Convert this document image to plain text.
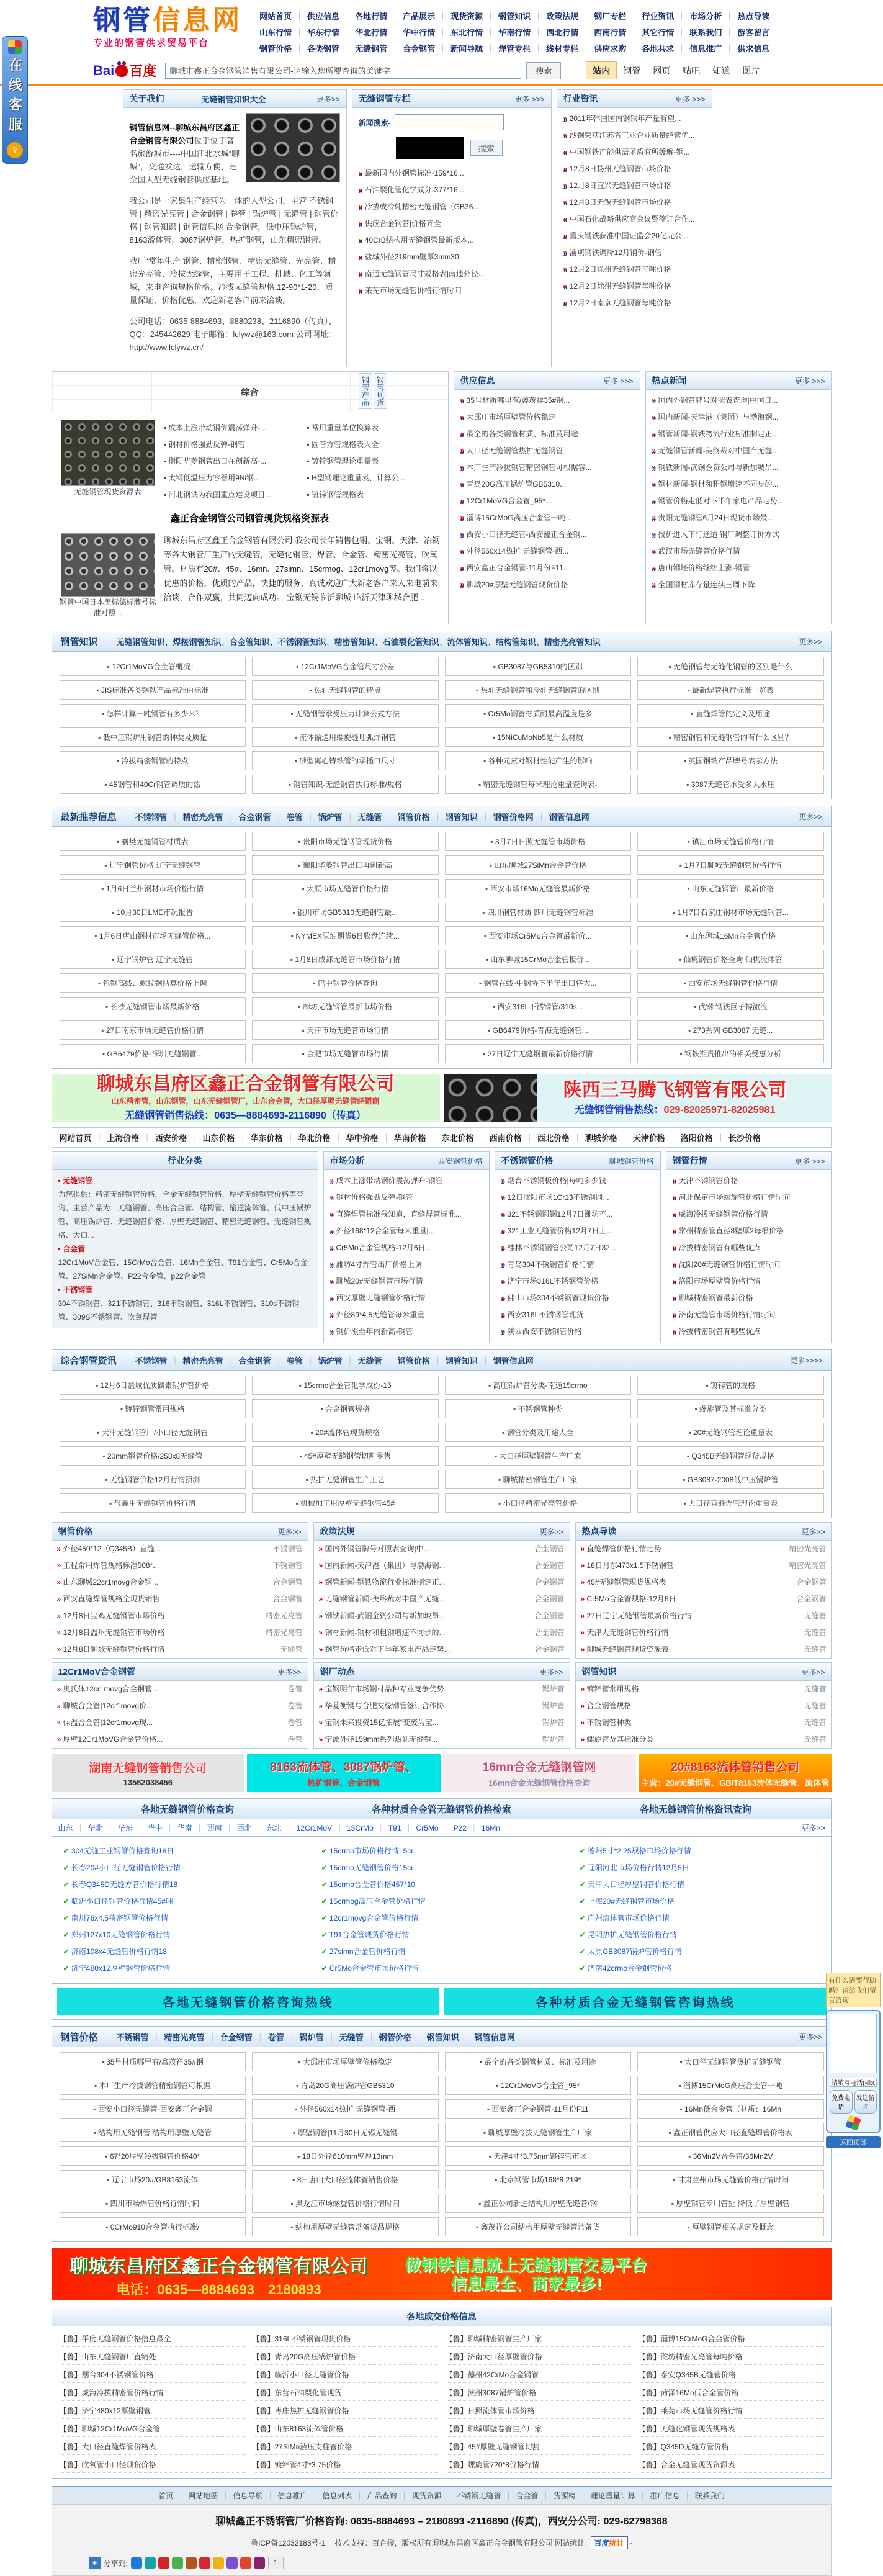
在线客服
?
钢管信息网
专业的钢管供求贸易平台
网站首页 ｜ 供应信息 ｜ 各地行情 ｜ 产品展示 ｜ 现货资源 ｜ 钢管知识 ｜ 政策法规 ｜ 钢厂专栏 ｜ 行业资讯 ｜ 市场分析 ｜ 热点导读
山东行情 ｜ 华东行情 ｜ 华北行情 ｜ 华中行情 ｜ 东北行情 ｜ 华南行情 ｜ 西北行情 ｜ 西南行情 ｜ 其它行情 ｜ 联系我们 ｜ 游客留言
钢管价格 ｜ 各类钢管 ｜ 无缝钢管 ｜ 合金钢管 ｜ 新闻导航 ｜ 焊管专栏 ｜ 线材专栏 ｜ 供应求购 ｜ 各地共求 ｜ 信息推广 ｜ 供求信息
Bai 百度
聊城市鑫正合金钢管销售有限公司-请输入您所要查询的关键字	搜索	站内	钢管	网页	贴吧	知道	图片
关于我们	无缝钢管知识大全	更多>>

钢管信息网--聊城东昌府区鑫正合金钢管有限公司位于位于著名旅游城市----中国江北水城“聊城”，交通发达，运输方便，是全国大型无缝钢管供应基地。

我公司是一家集生产经营为一体的大型公司，主营 不锈钢管 | 精密光亮管 | 合金钢管 | 卷管 | 锅炉管 | 无缝管 | 钢管价格 | 钢管知识 | 钢管信息网 合金钢管，低中压锅炉管，8163流体管，3087锅炉管，热扩钢管，山东精密钢管。

我厂“常年生产 钢管、精密钢管、精密无缝管、光亮管、精密光亮管、冷拔无缝管，主要用于工程、机械、化工等领域，来电咨询规格价格。冷拔无缝管规格:12-90*1-20，质量保证，价格优惠，欢迎新老客户前来洽谈。

公司电话：0635-8884693、8880238、2116890（传真）、QQ：245442629 电子邮箱：lclywz@163.com 公司网址：http://www.lclywz.cn/

无缝钢管专栏	更多 >>>
新闻搜索-
搜索
» 最新国内外钢管标准-159*16...
» 石油裂化管化学成分-377*16...
» 冷拔或冷轧精密无缝钢管（GB36...
» 供应合金钢管|价格齐全
» 40CrB结构用无缝钢管最新版本...
» 盐城外径219mm壁厚3mm30...
» 南通无缝钢管尺寸规格表|南通外径...
» 莱芜市场无缝管价格行情时间
行业资讯	更多 >>>
» 2011年韩国国内钢铁年产量有望...
» 沙钢荣获江苏省工业企业质量经营优...
» 中国钢铁产能供需矛盾有所缓解-钢...
» 12月8日扬州无缝钢管市场价格
» 12月8日宜兴无缝钢管市场价格
» 12月8日无锡无缝钢管市场价格
» 中国石化战略供应商会议暨签订合作...
» 重庆钢铁获准中国证监会20亿元公...
» 浦项钢铁调降12月钢价-钢管
» 12月2日徐州无缝钢管每吨价格
» 12月2日徐州无缝钢管每吨价格
» 12月2日南京无缝钢管每吨价格
综合	钢管产品 钢管现货
无缝钢管现货资源表
▪ 成本上涨带动钢价震荡弹升-...
▪ 钢材价格强劲反弹-钢管
▪ 衡阳华菱钢管出口在创新高-...
▪ 太钢低温压力容器用9Ni钢...
▪ 河北钢铁为我国重点建设项目...
▪ 常用重量单位换算表
▪ 圆管方管规格表大全
▪ 镀锌钢管理论重量表
▪ H型钢理论重量表、计算公...
▪ 镀锌钢管规格表
鑫正合金钢管公司钢管现货规格资源表
钢管中国日本美标德标牌号标准对照...
聊城东昌府区鑫正合金钢管有限公司 我公司长年销售包钢、宝钢、天津、冶钢等各大钢管厂生产的无缝管，无缝化钢管、焊管、合金管、精密光亮管、吹氧管。材质有20#、45#、16mn、27simn、15crmog、12cr1movg等。我们将以优惠的价格，优质的产品，快捷的服务，真诚欢迎广大新老客户来人来电前来洽谈，合作双赢，共同迈向成功。 宝钢无锡临沂聊城 临沂天津聊城合肥 ...
供应信息	更多 >>>
» 35号材质哪里有/鑫茂祥35#钢...
» 大邱庄市场厚壁管价格稳定
» 最全的各类钢管材质、标准及用途
» 大口径无缝钢管热扩无缝钢管
» 本厂生产冷拔钢管精密钢管可根据客...
» 青岛20G高压锅炉管GB5310...
» 12Cr1MoVG合金管_95*...
» 淄博15CrMoG高压合金管一吨...
» 西安小口径无缝管-西安鑫正合金钢...
» 外径560x14热扩 无缝钢管-西...
» 西安鑫正合金钢管-11月份F11...
» 聊城20#厚壁无缝钢管现货价格
热点新闻	更多 >>>
» 国内外钢管牌号对照表查询|中国日...
» 国内新闻-天津港（集团）与渤海钢...
» 钢管新闻-钢铁物流行业标准制定正...
» 无缝钢管新闻-美终裁对中国产无缝...
» 钢铁新闻-武钢金资公司与新加坡昂...
» 钢材新闻-钢材和粗钢增速不同步的...
» 钢管价格走低对下半年家电产品走势...
» 贵阳无缝钢管6月24日现货市场最...
» 报价进入下行通道 钢厂调整订价方式
» 武汉市场无缝管价格行情
» 唐山钢坯价格继续上涨-钢管
» 全国钢材库存量连续三周下降
钢管知识 无缝钢管知识	、 焊接钢管知识	、 合金管知识	、 不锈钢管知识	、 精密管知识	、 石油裂化管知识	、 流体管知识	、 结构管知识	、 精密光亮管知识	更多>>
▪ 12Cr1MoVG合金管概况：	▪ 12Cr1MoVG合金管尺寸公差	▪ GB3087与GB5310的区别	▪ 无缝钢管与无缝化钢管的区别是什么
▪ JIS标准各类钢铁产品标准由标准	▪ 热轧无缝钢管的特点	▪ 热轧无缝钢管和冷轧无缝钢管的区别	▪ 最新焊管执行标准一览表
▪ 怎样计算一吨钢管有多少米？	▪ 无缝钢管承受压力计算公式方法	▪ Cr5Mo钢管材质耐最高温度是多	▪ 直缝焊管的定义及用途
▪ 低中压锅炉用钢管的种类及质量	▪ 流体输送用螺旋缝埋弧焊钢管	▪ 15NiCuMoNb5是什么材质	▪ 精密钢管和无缝钢管的有什么区别？
▪ 冷拔精密钢管的特点	▪ 砂型离心铸铁管的承插口尺寸	▪ 各种元素对钢材性能产生的影响	▪ 英国钢铁产品牌号表示方法
▪ 45钢管和40Cr钢管调质的热	▪ 钢管知识-无缝钢管执行标准/规格	▪ 精密无缝钢管每米理论重量查询表-	▪ 3087无缝管承受多大水压
最新推荐信息 不锈钢管	｜ 精密光亮管	｜ 合金钢管	｜ 卷管	｜ 锅炉管	｜ 无缝管	｜ 钢管价格	｜ 钢管知识	｜ 钢管价格网	｜ 钢管信息网	更多>>
▪ 襄樊无缝钢管材质表	▪ 贵阳市场无缝钢管现货价格	▪ 3月7日日照无缝管市场价格	▪ 镇江市场无缝管价格行情
▪ 辽宁钢管价格 辽宁无缝钢管	▪ 衡阳华菱钢管出口再创新高	▪ 山东聊城27SiMn合金管价格	▪ 1月7日聊城无缝钢管价格行情
▪ 1月6日兰州钢材市场价格行情	▪ 太原市场无缝管价格行情	▪ 西安市场16Mn无缝管最新价格	▪ 山东无缝钢管厂最新价格
▪ 10月30日LME市况报告	▪ 银川市场GB5310无缝钢管最...	▪ 四川钢管材质 四川无缝钢管标准	▪ 1月7日石家庄钢材市场无缝钢管...
▪ 1月6日唐山钢材市场无缝管价格...	▪ NYMEX原油期货6日收盘连续...	▪ 西安市场Cr5Mo合金管最新价...	▪ 山东聊城16Mn合金管价格
▪ 辽宁锅炉管 辽宁无缝管	▪ 1月8日成都无缝管市场价格行情	▪ 山东聊城15CrMo合金管报价...	▪ 仙桃钢管价格查询 仙桃流体管
▪ 包钢高线、螺纹钢结算价格上调	▪ 巴中钢管价格查询	▪ 钢管在线-中钢协下半年出口将大...	▪ 西安市场无缝钢管价格行情
▪ 长沙无缝钢管市场最新价格	▪ 廊坊无缝钢管最新市场价格	▪ 西安316L不锈钢管/310s...	▪ 武钢:钢铁巨子搏激流
▪ 27日南京市场无缝管价格行情	▪ 天津市场无缝管市场行情	▪ GB6479价格-青海无缝钢管...	▪ 273系列 GB3087 无缝...
▪ GB6479价格-深圳无缝钢管...	▪ 合肥市场无缝管市场行情	▪ 27日辽宁无缝钢管最新价格行情	▪ 钢铁期货推出的相关受惠分析
聊城东昌府区鑫正合金钢管有限公司
山东精密管，山东钢管，山东无缝钢管厂，山东合金管，大口径厚壁无缝管经销商
无缝钢管销售热线：0635—8884693-2116890（传真）
陕西三马腾飞钢管有限公司
无缝钢管销售热线：029-82025971-82025981
网站首页 ｜ 上海价格 ｜ 西安价格 ｜ 山东价格 ｜ 华东价格 ｜ 华北价格 ｜ 华中价格 ｜ 华南价格 ｜ 东北价格 ｜ 西南价格 ｜ 西北价格 ｜ 聊城价格 ｜ 天津价格 ｜ 洛阳价格 ｜ 长沙价格
行业分类
▪ 无缝钢管
为您提供：精密无缝钢管价格，合金无缝钢管价格，厚壁无缝钢管价格等查询、主营产品为：无缝钢管、高压合金管、结构管、输送流体管、低中压锅炉管、高压锅炉管、无缝钢管价格、厚壁无缝钢管、精密无缝钢管、无缝钢管规格、大口...
▪ 合金管
12Cr1MoV合金管、15CrMo合金管、16Mn合金管、T91合金管、Cr5Mo合金管、27SiMn合金管、P22合金管、p22合金管
▪ 不锈钢管
304不锈钢管、321不锈钢管、316不锈钢管、316L不锈钢管、310s不锈钢管、309S不锈钢管、吹氧焊管
市场分析	西安钢管价格
» 成本上涨带动钢价震荡弹升-钢管
» 钢材价格强劲反弹-钢管
» 直缝焊管标准我知道，直缝焊管标准...
» 外径168*12合金管每米重量|...
» Cr5Mo合金管规格-12月6日...
» 潍坊4寸焊管出厂价格上调
» 聊城20#无缝钢管市场行情
» 西安厚壁无缝钢管价格行情
» 外径89*4.5无缝管每米重量
» 钢价涨至年内新高-钢管
不锈钢管价格	聊城钢管价格
» 烟台不锈钢板价格|每吨多少钱
» 12日沈阳市场1Cr13不锈钢圆...
» 321不锈钢圆钢12月7日潍坊不...
» 321工业无缝管价格12月7日上...
» 桂林不锈钢钢管公司12月7日32...
» 青岛304不锈钢管价格行情
» 济宁市场316L不锈钢管价格
» 佛山市场304不锈钢管现货价格
» 西安316L不锈钢管现货
» 陕西西安不锈钢管价格
钢管行情	更多 >>>
» 天津不锈钢管价格
» 河北保定市场螺旋管价格行情时间
» 威海冷拔无缝钢管价格行情
» 常州精密管直径8壁厚2每根价格
» 冷拔精密钢管有哪些优点
» 沈阳20#无缝钢管价格行情时间
» 洛阳市场厚壁管价格行情
» 聊城精密钢管最新价格
» 济南无缝管市场价格行情时间
» 冷拔精密钢管有哪些优点
综合钢管资讯 不锈钢管	｜ 精密光亮管	｜ 合金钢管	｜ 卷管	｜ 锅炉管	｜ 无缝管	｜ 钢管价格	｜ 钢管知识	｜ 钢管信息网	更多>>>>
▪ 12月6日盐城优质碳素锅炉管价格	▪ 15crmo合金管化学成份-15	▪ 高压锅炉管分类-南通15crmo	▪ 镀锌管的规格
▪ 镀锌钢管常用规格	▪ 合金钢管规格	▪ 不锈钢管种类	▪ 螺旋管及其标准分类
▪ 天津无缝钢管厂/小口径无缝钢管	▪ 20#流体管现货规格	▪ 钢管分类及用途大全	▪ 20#无缝钢管理论重量表
▪ 20mm钢管价格/258x8无缝管	▪ 45#厚壁无缝钢管切割零售	▪ 大口径厚壁钢管生产厂家	▪ Q345B无缝钢管现货规格
▪ 无缝钢管价格12月行情预测	▪ 热扩无缝钢管生产工艺	▪ 聊城精密钢管生产厂家	▪ GB3087-2008低中压锅炉管
▪ 气囊用无缝钢管价格行情	▪ 机械加工用厚壁无缝钢管45#	▪ 小口径精密光亮管价格	▪ 大口径直缝焊管理论重量表
钢管价格	更多>>
» 外径450*12（Q345B）直缝...	不锈钢管
» 工程常用焊管规格标准508*...	不锈钢管
» 山东聊城22cr1movg合金钢...	合金钢管
» 西安直缝焊管规格全现货销售	合金钢管
» 12月8日宝鸡无缝钢管市场价格	精密光亮管
» 12月8日温州无缝钢管市场价格	精密光亮管
» 12月8日聊城无缝钢管价格行情	无缝管
政策法规	更多>>
» 国内外钢管牌号对照表查询|中...	合金钢管
» 国内新闻-天津港（集团）与渤海钢...	合金钢管
» 钢管新闻-钢铁物流行业标准制定正...	合金钢管
» 无缝钢管新闻-美终裁对中国产无缝...	合金钢管
» 钢铁新闻-武钢金资公司与新加坡昂...	合金钢管
» 钢材新闻-钢材和粗钢增速不同步的...	合金钢管
» 钢管价格走低对下半年家电产品走势...	合金钢管
热点导读	更多>>
» 直缝焊管价格行情走势	精密光亮管
» 18日丹东473x1.5不锈钢管	精密光亮管
» 45#无缝钢管现货规格表	合金钢管
» Cr5Mo合金管规格-12月6日	合金钢管
» 27日辽宁无缝钢管最新价格行情	无缝管
» 天津大无缝钢管价格行情	无缝管
» 聊城无缝钢管现货资源表	无缝管
12Cr1MoV合金钢管	更多>>
» 奥氏体12cr1movg合金钢管...	卷管
» 聊城合金管|12cr1movg价...	卷管
» 保温合金管|12cr1movg现...	卷管
» 厚壁12Cr1MoVG合金管价格...	卷管
钢厂动态	更多>>
» 宝钢明年市场钢材品种专业竞争优势...	锅炉管
» 华菱衡钢与合肥友缘钢管签订合作协...	锅炉管
» 宝钢未来投资15亿拓展“变废为宝...	锅炉管
» 宁波外径159mm系列热轧无缝钢...	锅炉管
钢管知识	更多>>
» 镀锌管常用规格	无缝管
» 合金钢管规格	无缝管
» 不锈钢管种类	无缝管
» 螺旋管及其标准分类	无缝管
湖南无缝钢管销售公司
13562038456
8163流体管、3087锅炉管、
热扩钢管、合金钢管
16mn合金无缝钢管网
16mn合金无缝钢管价格查询
20#8163流体管销售公司
主营：20#无缝钢管、GB/T8163流体无缝管、流体管
各地无缝钢管价格查询	各种材质合金管无缝钢管价格检索	各地无缝钢管价格资讯查询
山东	｜ 华北	｜ 华东	｜ 华中	｜ 华南	｜ 西南	｜ 西北	｜ 东北	｜ 12Cr1MoV	｜ 15CrMo	｜ T91	｜ Cr5Mo	｜ P22	｜ 16Mn	更多>>
✔ 304无缝工业钢管价格查询18日
✔ 长春20#小口径无缝钢管价格行情
✔ 长春Q345D无缝方管价格行情18
✔ 临沂小口径钢管价格行情45#吨
✔ 南川76x4.5精密钢管价格行情
✔ 郑州127x10无缝钢管价格行情
✔ 济南108x4无缝管价格行情18
✔ 济宁480x12厚壁钢管价格行情
✔ 15crmo市场价格行情15cr...
✔ 15crmo无缝钢管价格15cr...
✔ 15crmo合金管价格457*10
✔ 15crmog高压合金管价格行情
✔ 12cr1movg合金管价格行情
✔ T91合金管现货价格行情
✔ 27simn合金管价格行情
✔ Cr5Mo合金管市场价格行情
✔ 德州5寸*2.25规格市场价格行情
✔ 辽阳河北市场价格行情12月5日
✔ 天津大口径厚壁钢管价格行情
✔ 上海20#无缝钢管市场价格
✔ 广州流体管市场价格行情
✔ 昆明热扩无缝钢管价格行情
✔ 太原GB3087锅炉管价格行情
✔ 济南42crmo合金钢管价格
各地无缝钢管价格咨询热线	各种材质合金无缝钢管咨询热线
钢管价格 不锈钢管	｜ 精密光亮管	｜ 合金钢管	｜ 卷管	｜ 锅炉管	｜ 无缝管	｜ 钢管价格	｜ 钢管知识	｜ 钢管信息网	更多>>
▪ 35号材质哪里有/鑫茂祥35#钢	▪ 大邱庄市场厚壁管价格稳定	▪ 最全的各类钢管材质、标准及用途	▪ 大口径无缝钢管热扩无缝钢管
▪ 本厂生产冷拔钢管精密钢管可根据	▪ 青岛20G高压锅炉管GB5310	▪ 12Cr1MoVG合金管_95*	▪ 淄博15CrMoG高压合金管一吨
▪ 西安小口径无缝管-西安鑫正合金钢	▪ 外径560x14热扩 无缝钢管-西	▪ 西安鑫正合金钢管-11月份F11	▪ 16Mn低合金管（材质：16Mn
▪ 结构用无缝钢管|结构用厚壁无缝管	▪ 厚壁钢管|11月30日无锡无缝钢	▪ 聊城厚壁冷拔无缝钢管生产厂家	▪ 鑫正钢管供应大口径直缝焊管价格表
▪ 67*20厚壁冷拔钢管价格40*	▪ 18日外径610mm壁厚13mm	▪ 天津4寸*3.75mm镀锌管市场	▪ 36Mn2V合金管/36Mn2V
▪ 辽宁市场20#/GB8163流体	▪ 8日唐山大口径流体管销售价格	▪ 北京钢管市场168*8 219*	▪ 甘肃兰州市场无缝管价格行情时间
▪ 四川市场焊管价格行情时间	▪ 黑龙江市场螺旋管价格行情时间	▪ 鑫正公司新进结构用厚壁无缝管/钢	▪ 厚壁钢管专用管扯 降低了厚壁钢管
▪ 0CrMo910合金管执行标准/	▪ 结构用厚壁无缝管常备货品规格	▪ 鑫茂祥公司结构用厚壁无缝管常备货	▪ 厚壁钢管相关规定及概念
聊城东昌府区鑫正合金钢管有限公司
电话：0635—8884693　2180893
做钢铁信息就上无缝钢管交易平台
信息最全、商家最多!
各地成交价格信息
【鲁】平度无缝钢管价格信息最全	【鲁】316L不锈钢管现货价格	【鲁】聊城精密钢管生产厂家	【鲁】淄博15CrMoG合金管价格
【鲁】山东无缝钢管厂直销处	【鲁】青岛20G高压锅炉管价格	【鲁】济南大口径厚壁管价格	【鲁】潍坊精密光亮管每吨价格
【鲁】烟台304不锈钢管价格	【鲁】临沂小口径无缝管价格	【鲁】德州42CrMo合金钢管	【鲁】泰安Q345B无缝管价格
【鲁】威海冷拔精密管价格行情	【鲁】东营石油裂化管现货	【鲁】滨州3087锅炉管价格	【鲁】菏泽16Mn低合金管价格
【鲁】济宁480x12厚壁钢管	【鲁】枣庄热扩无缝钢管价格	【鲁】日照流体管市场价格	【鲁】莱芜市场无缝管价格行情
【鲁】聊城12Cr1MoVG合金管	【鲁】山东8163流体管价格	【鲁】聊城厚壁卷管生产厂家	【鲁】无缝化钢管现货规格表
【鲁】大口径直缝焊管价格表	【鲁】27SiMn液压支柱管价格	【鲁】45#厚壁无缝钢管切割	【鲁】Q345D无缝方管价格
【鲁】吹氧管小口径现货价格	【鲁】镀锌管4寸*3.75价格	【鲁】螺旋管720*8价格行情	【鲁】合金无缝管现货资源表
首页 ｜ 网站地图 ｜ 信息导航 ｜ 信息推广 ｜ 信息列表 ｜ 产品查询 ｜ 现货资源 ｜ 不锈钢无缝管 ｜ 合金管 ｜ 货源榜 ｜ 理论重量计算 ｜ 推广信息 ｜ 联系我们
聊城鑫正不锈钢管厂价格咨询: 0635-8884693 – 2180893 -2116890 (传真)，西安分公司: 029-62798368
鲁ICP备12032183号-1　 技术支持：百企搜，版权所有:聊城东昌府区鑫正合金钢管有限公司 网站统计 百度统计 -
+ 分享到:	1
有什么需要帮助吗？请给我们留言咨询
请填写电话(如:01088888888)
免费电话
发送留言
返回顶部
